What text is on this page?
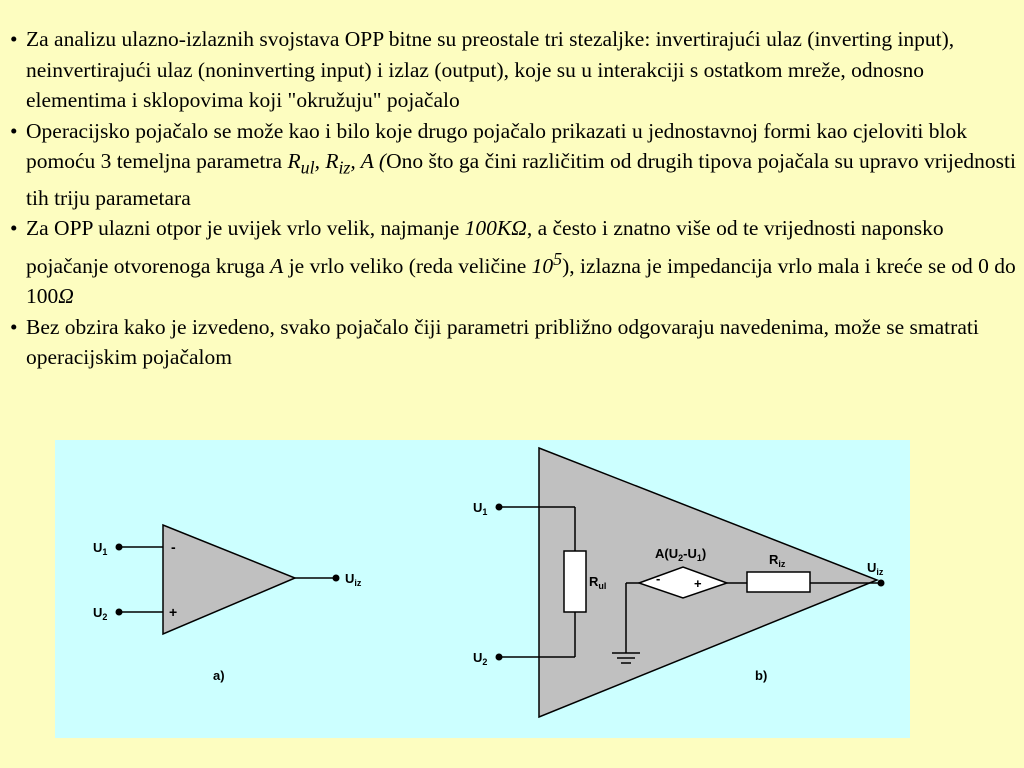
• Za analizu ulazno-izlaznih svojstava OPP bitne su preostale tri stezaljke: invertirajući ulaz (inverting input), neinvertirajući ulaz (noninverting input) i izlaz (output), koje su u interakciji s ostatkom mreže, odnosno elementima i sklopovima koji "okružuju" pojačalo
• Operacijsko pojačalo se može kao i bilo koje drugo pojačalo prikazati u jednostavnoj formi kao cjeloviti blok pomoću 3 temeljna parametra $R_{ul}$, $R_{iz}$, A (Ono što ga čini različitim od drugih tipova pojačala su upravo vrijednosti tih triju parametara
• Za OPP ulazni otpor je uvijek vrlo velik, najmanje 100KΩ, a često i znatno više od te vrijednosti naponsko pojačanje otvorenoga kruga A je vrlo veliko (reda veličine $10^5$), izlazna je impedancija vrlo mala i kreće se od 0 do 100Ω
• Bez obzira kako je izvedeno, svako pojačalo čiji parametri približno odgovaraju navedenima, može se smatrati operacijskim pojačalom
$U_1$
$U_2$
$U_{iz}$
-
+
a)
$U_1$
$U_2$
$R_{ul}$	-	+
$A(U_2-U_1)$	$R_{iz}$	$U_{iz}$
b)
